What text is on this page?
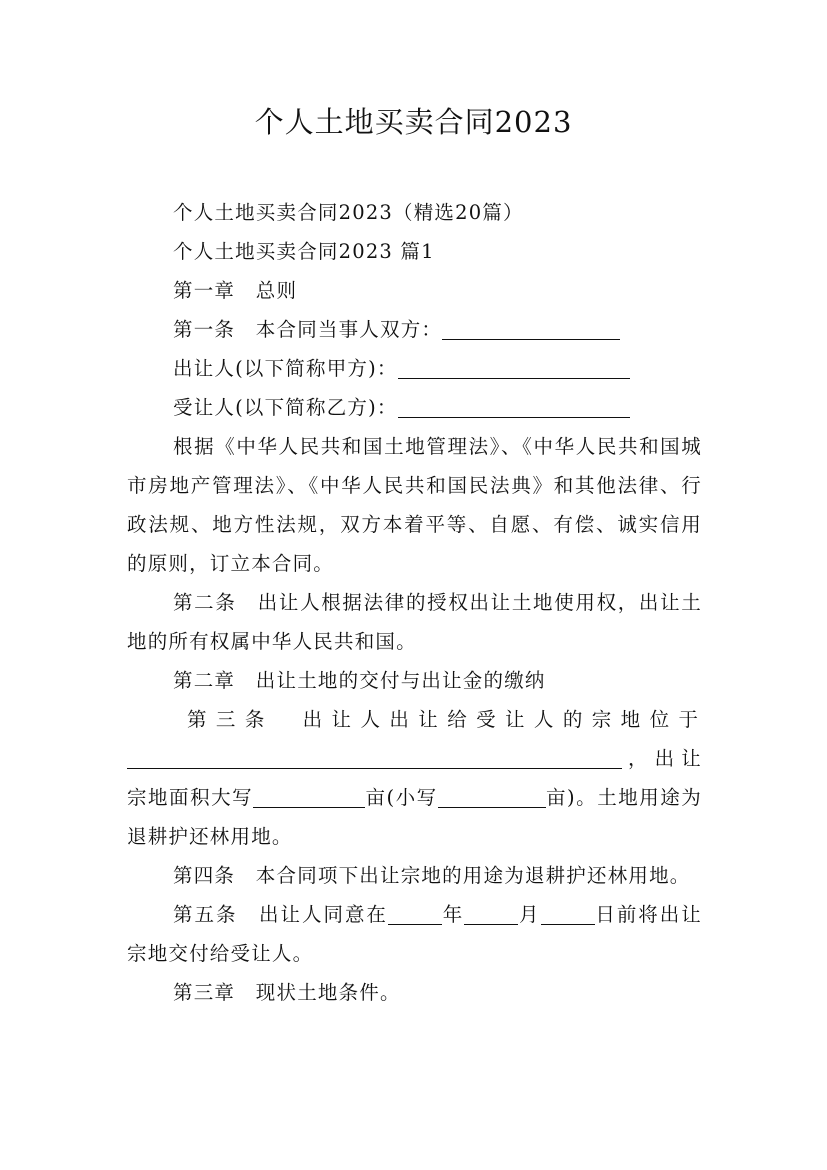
个人土地买卖合同2023

个人土地买卖合同2023（精选20篇）

个人土地买卖合同2023 篇1

第一章　总则

第一条　本合同当事人双方：

出让人(以下简称甲方)：

受让人(以下简称乙方)：

根据《中华人民共和国土地管理法》、《中华人民共和国城市房地产管理法》、《中华人民共和国民法典》和其他法律、行政法规、地方性法规，双方本着平等、自愿、有偿、诚实信用的原则，订立本合同。

第二条　出让人根据法律的授权出让土地使用权，出让土地的所有权属中华人民共和国。

第二章　出让土地的交付与出让金的缴纳

第三条　出让人出让给受让人的宗地位于

，出让宗地面积大写	亩(小写	亩)。土地用途为退耕护还林用地。

第四条　本合同项下出让宗地的用途为退耕护还林用地。

第五条　出让人同意在	年	月	日前将出让宗地交付给受让人。

第三章　现状土地条件。
